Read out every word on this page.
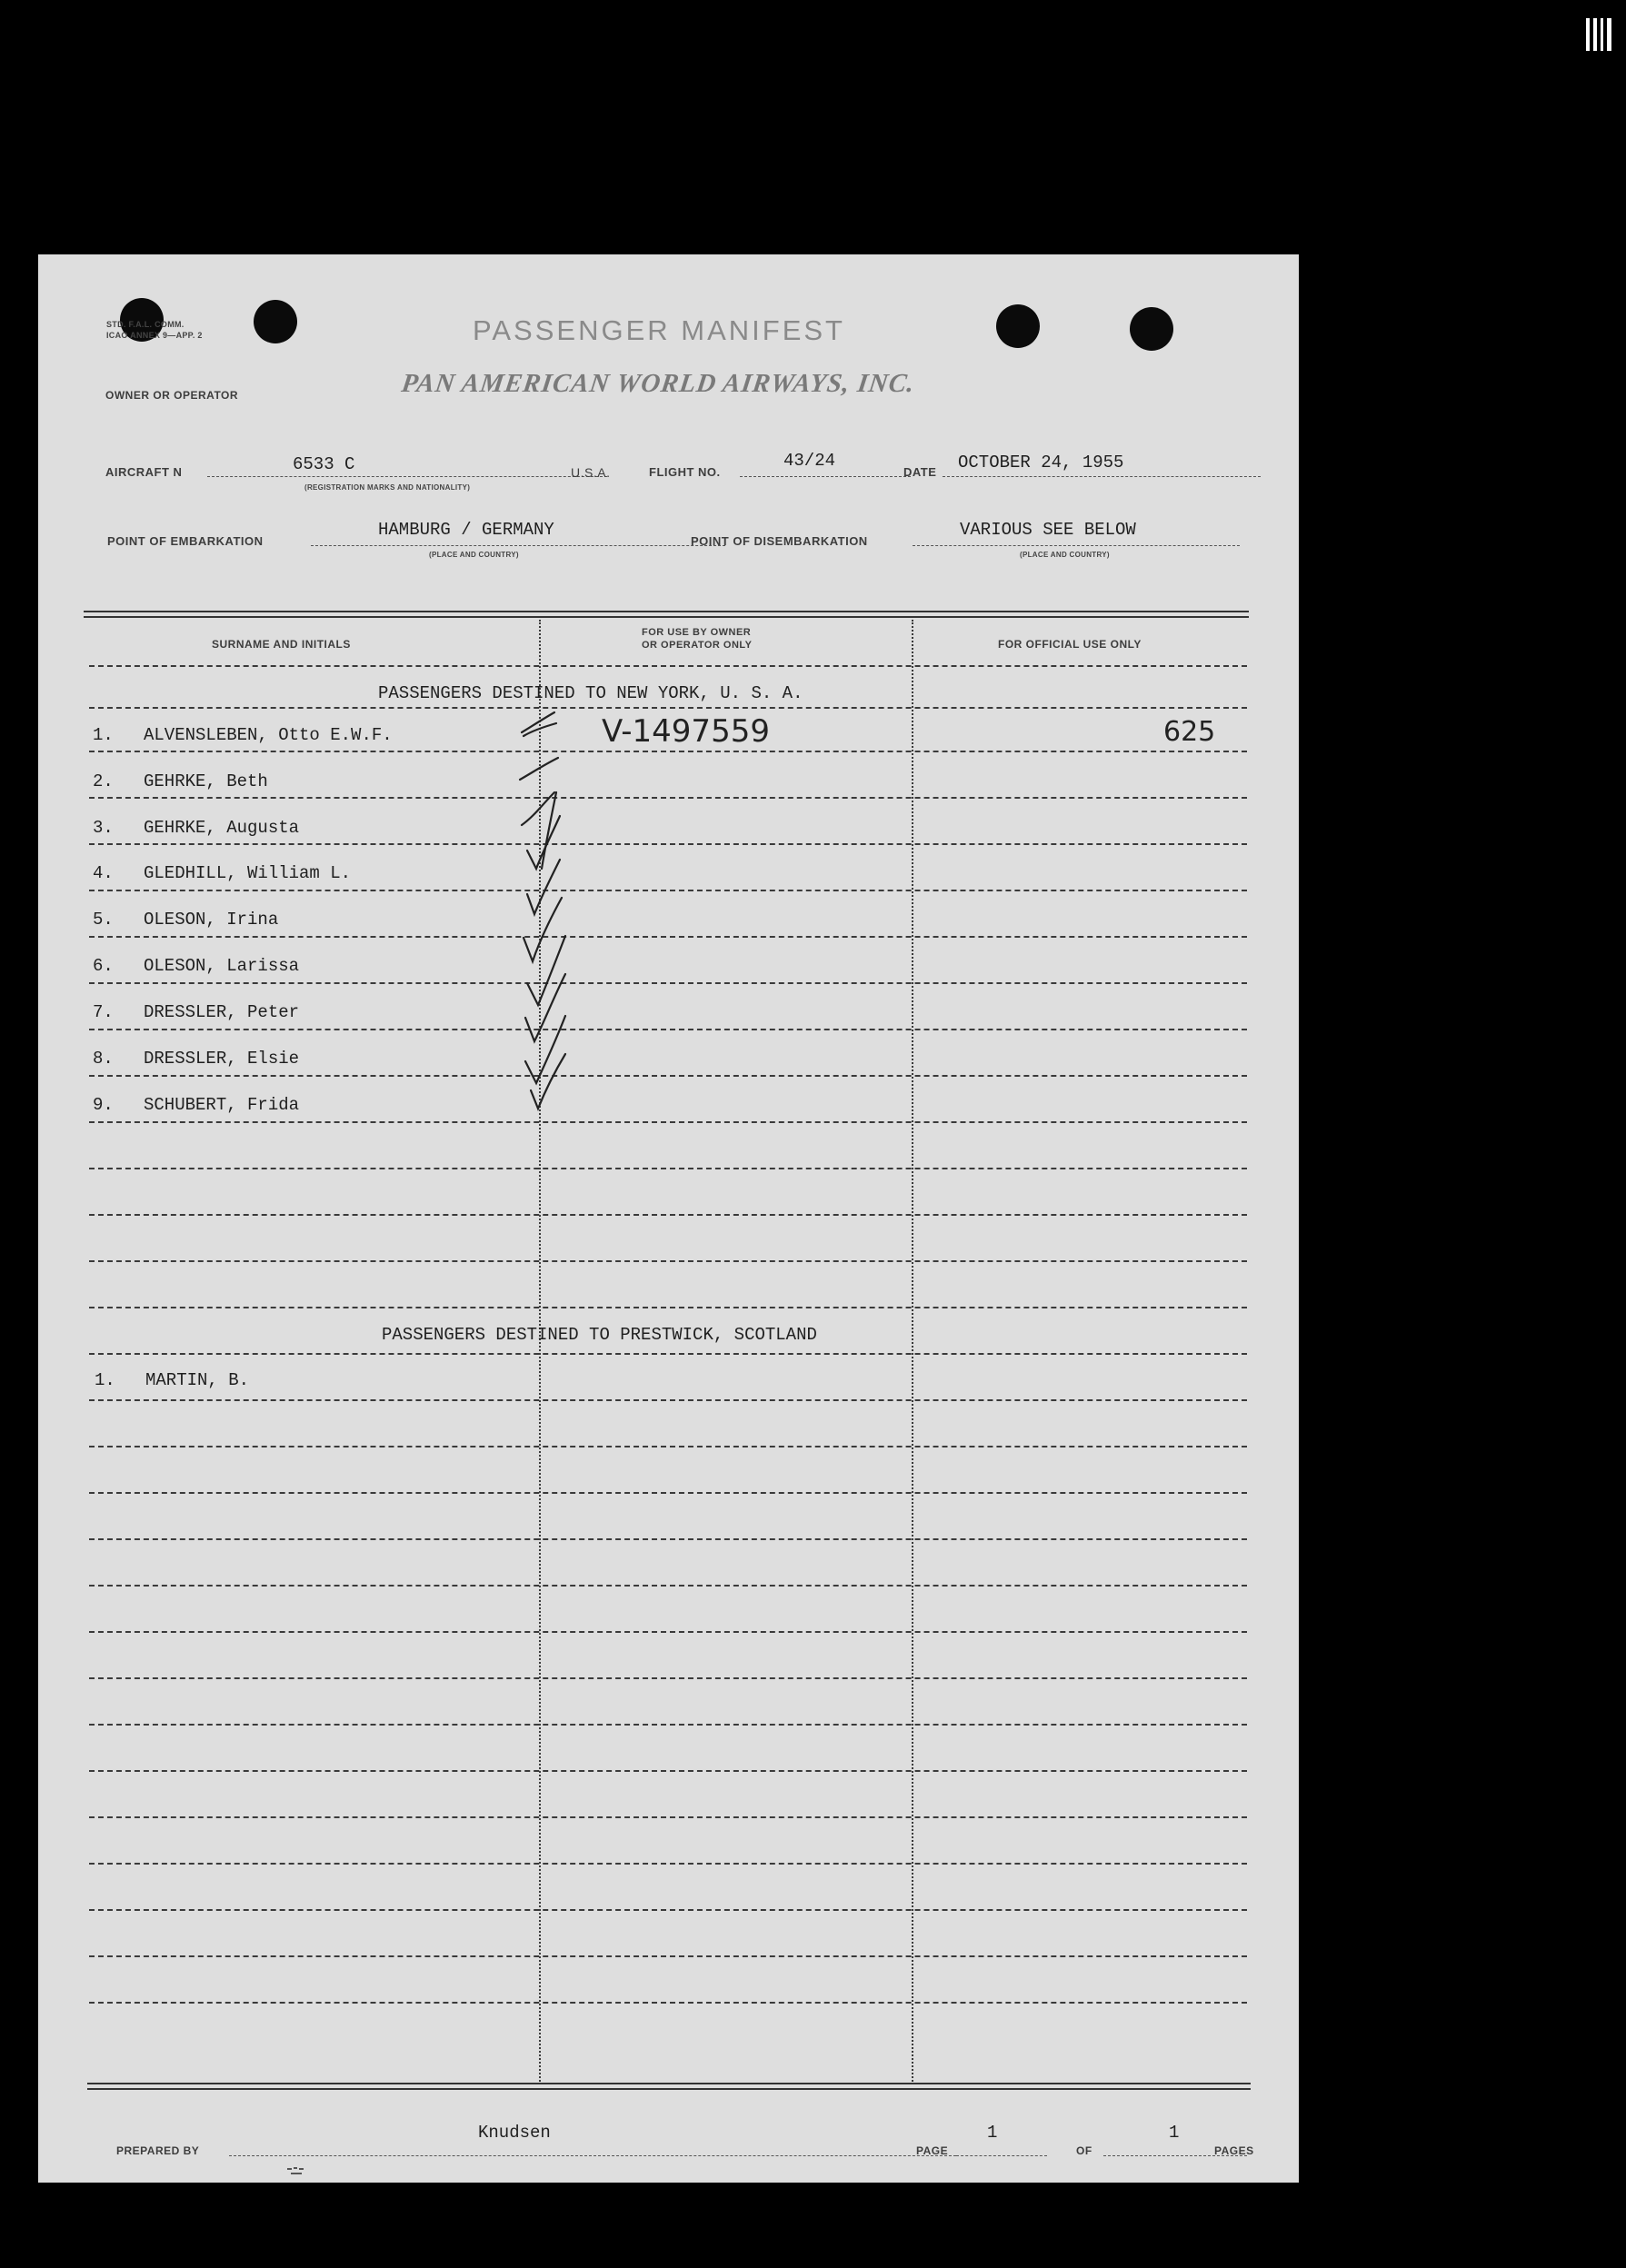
STD. F.A.L. COMM.
ICAO ANNEX 9—APP. 2	PASSENGER MANIFEST
OWNER OR OPERATOR	PAN AMERICAN WORLD AIRWAYS, INC.
AIRCRAFT N	6533 C
(REGISTRATION MARKS AND NATIONALITY)
U.S.A.	FLIGHT NO.
43/24
DATE OCTOBER 24, 1955
POINT OF EMBARKATION
HAMBURG / GERMANY
(PLACE AND COUNTRY)
POINT OF DISEMBARKATION
VARIOUS SEE BELOW
(PLACE AND COUNTRY)
SURNAME AND INITIALS
FOR USE BY OWNER
OR OPERATOR ONLY	FOR OFFICIAL USE ONLY
PASSENGERS DESTINED TO NEW YORK, U. S. A.
1. ALVENSLEBEN, Otto E.W.F.	V-1497559	625
2. GEHRKE, Beth
3. GEHRKE, Augusta
4. GLEDHILL, William L.
5. OLESON, Irina
6. OLESON, Larissa
7. DRESSLER, Peter
8. DRESSLER, Elsie
9. SCHUBERT, Frida
PASSENGERS DESTINED TO PRESTWICK, SCOTLAND
1. MARTIN, B.
PREPARED BY
Knudsen
PAGE
1
OF
1
PAGES
